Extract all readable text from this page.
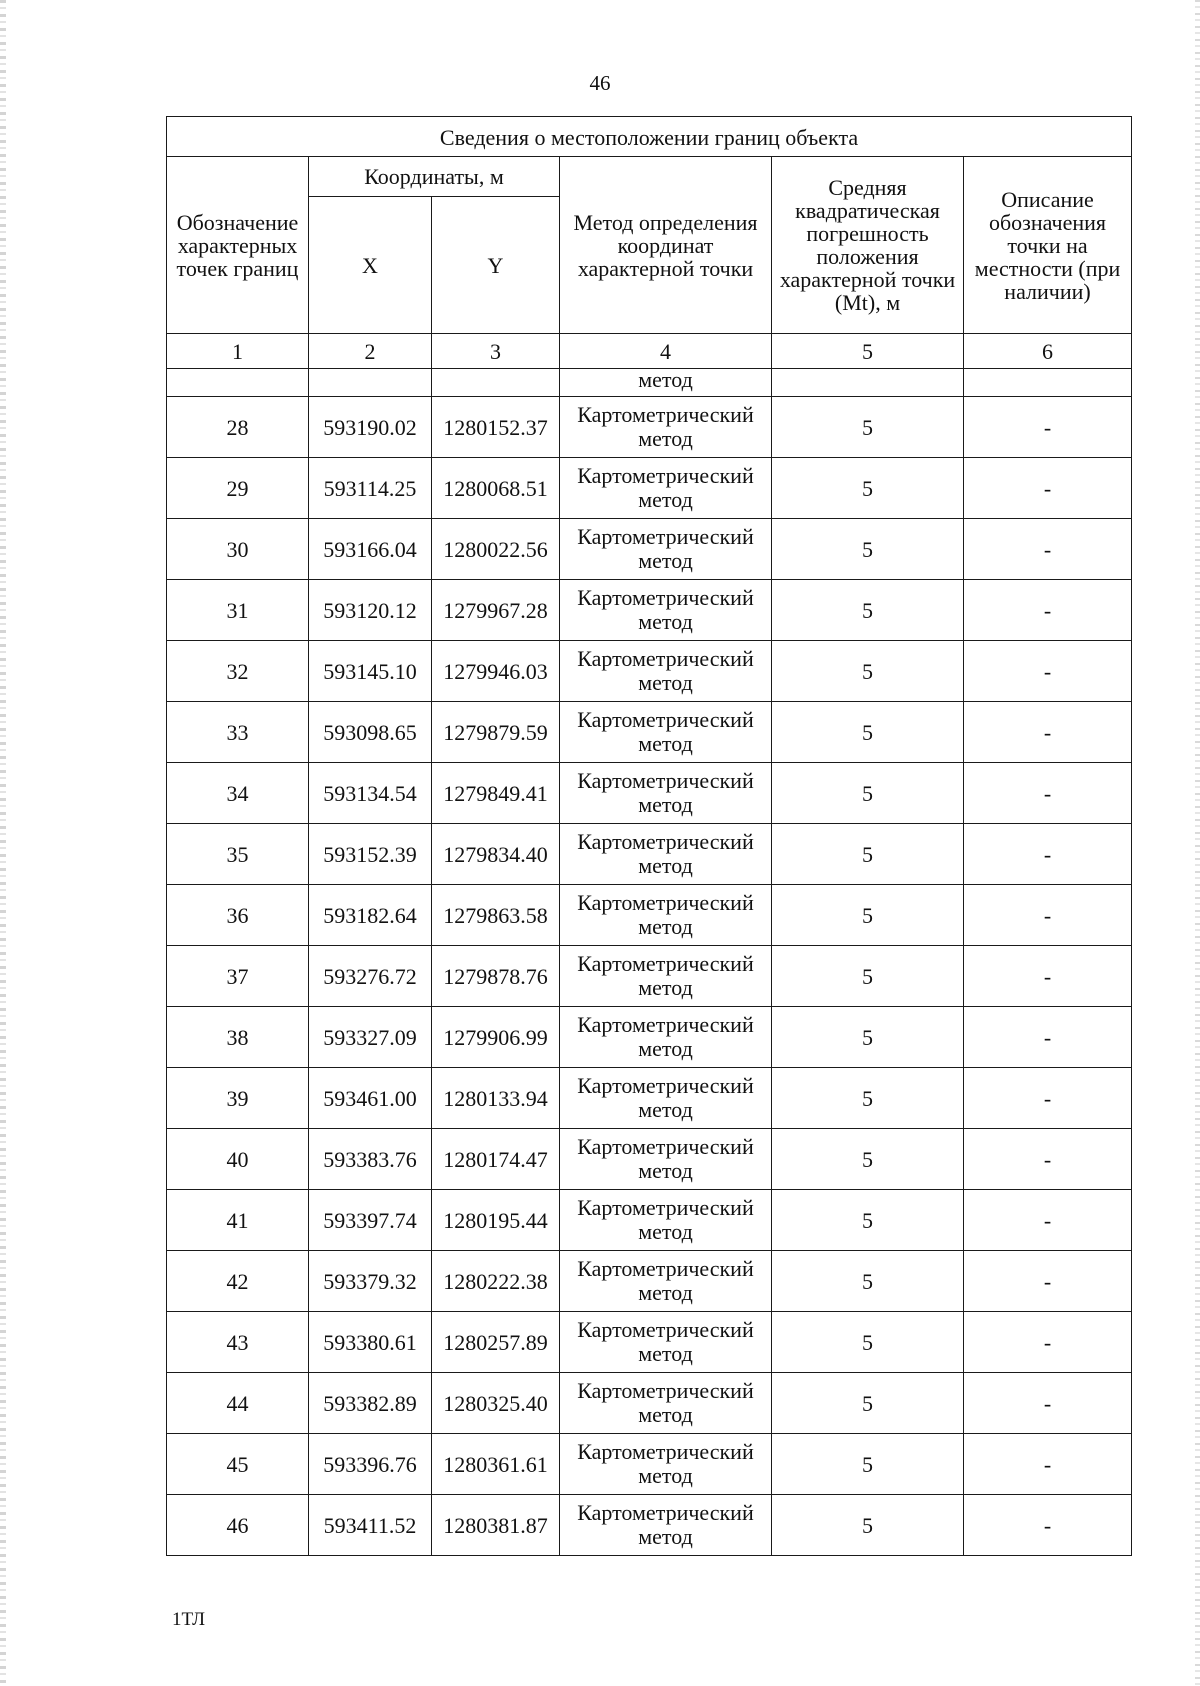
46
Сведения о местоположении границ объекта					
Обозначение характерных точек границ	Координаты, м		Метод определения координат характерной точки	Средняя квадратическая погрешность положения характерной точки (Mt), м	Описание обозначения точки на местности (при наличии)
	X	Y			
1	2	3	4	5	6
			метод		
28	593190.02	1280152.37	Картометрический метод	5	-
29	593114.25	1280068.51	Картометрический метод	5	-
30	593166.04	1280022.56	Картометрический метод	5	-
31	593120.12	1279967.28	Картометрический метод	5	-
32	593145.10	1279946.03	Картометрический метод	5	-
33	593098.65	1279879.59	Картометрический метод	5	-
34	593134.54	1279849.41	Картометрический метод	5	-
35	593152.39	1279834.40	Картометрический метод	5	-
36	593182.64	1279863.58	Картометрический метод	5	-
37	593276.72	1279878.76	Картометрический метод	5	-
38	593327.09	1279906.99	Картометрический метод	5	-
39	593461.00	1280133.94	Картометрический метод	5	-
40	593383.76	1280174.47	Картометрический метод	5	-
41	593397.74	1280195.44	Картометрический метод	5	-
42	593379.32	1280222.38	Картометрический метод	5	-
43	593380.61	1280257.89	Картометрический метод	5	-
44	593382.89	1280325.40	Картометрический метод	5	-
45	593396.76	1280361.61	Картометрический метод	5	-
46	593411.52	1280381.87	Картометрический метод	5	-
1ТЛ
